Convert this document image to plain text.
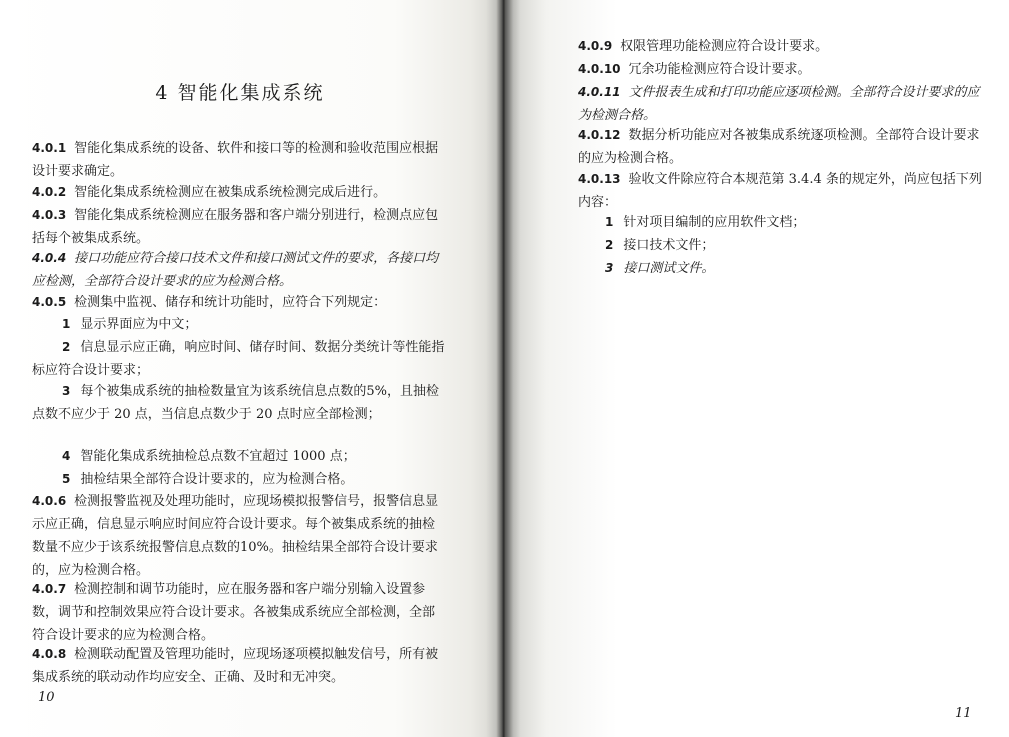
4 智能化集成系统

4.0.1 智能化集成系统的设备、软件和接口等的检测和验收范围应根据设计要求确定。

4.0.2 智能化集成系统检测应在被集成系统检测完成后进行。

4.0.3 智能化集成系统检测应在服务器和客户端分别进行，检测点应包括每个被集成系统。

4.0.4 接口功能应符合接口技术文件和接口测试文件的要求，各接口均应检测，全部符合设计要求的应为检测合格。

4.0.5 检测集中监视、储存和统计功能时，应符合下列规定：

1 显示界面应为中文；

2 信息显示应正确，响应时间、储存时间、数据分类统计等性能指标应符合设计要求；

3 每个被集成系统的抽检数量宜为该系统信息点数的5%，且抽检点数不应少于 20 点，当信息点数少于 20 点时应全部检测；

4 智能化集成系统抽检总点数不宜超过 1000 点；

5 抽检结果全部符合设计要求的，应为检测合格。

4.0.6 检测报警监视及处理功能时，应现场模拟报警信号，报警信息显示应正确，信息显示响应时间应符合设计要求。每个被集成系统的抽检数量不应少于该系统报警信息点数的10%。抽检结果全部符合设计要求的，应为检测合格。

4.0.7 检测控制和调节功能时，应在服务器和客户端分别输入设置参数，调节和控制效果应符合设计要求。各被集成系统应全部检测，全部符合设计要求的应为检测合格。

4.0.8 检测联动配置及管理功能时，应现场逐项模拟触发信号，所有被集成系统的联动动作均应安全、正确、及时和无冲突。

10

4.0.9 权限管理功能检测应符合设计要求。

4.0.10 冗余功能检测应符合设计要求。

4.0.11 文件报表生成和打印功能应逐项检测。全部符合设计要求的应为检测合格。

4.0.12 数据分析功能应对各被集成系统逐项检测。全部符合设计要求的应为检测合格。

4.0.13 验收文件除应符合本规范第 3.4.4 条的规定外，尚应包括下列内容：

1 针对项目编制的应用软件文档；

2 接口技术文件；

3 接口测试文件。

11
